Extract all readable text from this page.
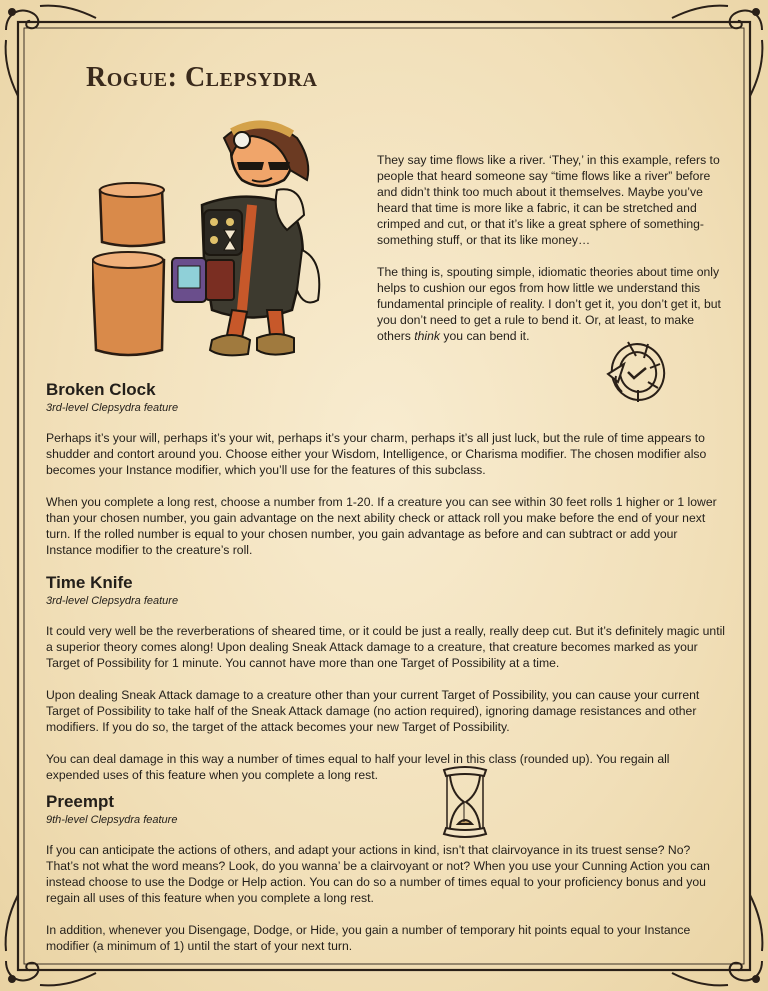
Rogue: Clepsydra

They say time flows like a river. ‘They,’ in this example, refers to people that heard someone say “time flows like a river” before and didn’t think too much about it themselves. Maybe you’ve heard that time is more like a fabric, it can be stretched and crimped and cut, or that it’s like a great sphere of something-something stuff, or that its like money…

The thing is, spouting simple, idiomatic theories about time only helps to cushion our egos from how little we understand this fundamental principle of reality. I don’t get it, you don’t get it, but you don’t need to get a rule to bend it. Or, at least, to make others think you can bend it.

Broken Clock
3rd-level Clepsydra feature

Perhaps it’s your will, perhaps it’s your wit, perhaps it’s your charm, perhaps it’s all just luck, but the rule of time appears to shudder and contort around you. Choose either your Wisdom, Intelligence, or Charisma modifier. The chosen modifier also becomes your Instance modifier, which you’ll use for the features of this subclass.

When you complete a long rest, choose a number from 1-20. If a creature you can see within 30 feet rolls 1 higher or 1 lower than your chosen number, you gain advantage on the next ability check or attack roll you make before the end of your next turn. If the rolled number is equal to your chosen number, you gain advantage as before and can subtract or add your Instance modifier to the creature’s roll.

Time Knife
3rd-level Clepsydra feature

It could very well be the reverberations of sheared time, or it could be just a really, really deep cut. But it’s definitely magic until a superior theory comes along! Upon dealing Sneak Attack damage to a creature, that creature becomes marked as your Target of Possibility for 1 minute. You cannot have more than one Target of Possibility at a time.

Upon dealing Sneak Attack damage to a creature other than your current Target of Possibility, you can cause your current Target of Possibility to take half of the Sneak Attack damage (no action required), ignoring damage resistances and other modifiers. If you do so, the target of the attack becomes your new Target of Possibility.

You can deal damage in this way a number of times equal to half your level in this class (rounded up). You regain all expended uses of this feature when you complete a long rest.

Preempt
9th-level Clepsydra feature

If you can anticipate the actions of others, and adapt your actions in kind, isn’t that clairvoyance in its truest sense? No? That’s not what the word means? Look, do you wanna’ be a clairvoyant or not? When you use your Cunning Action you can instead choose to use the Dodge or Help action. You can do so a number of times equal to your proficiency bonus and you regain all uses of this feature when you complete a long rest.

In addition, whenever you Disengage, Dodge, or Hide, you gain a number of temporary hit points equal to your Instance modifier (a minimum of 1) until the start of your next turn.
